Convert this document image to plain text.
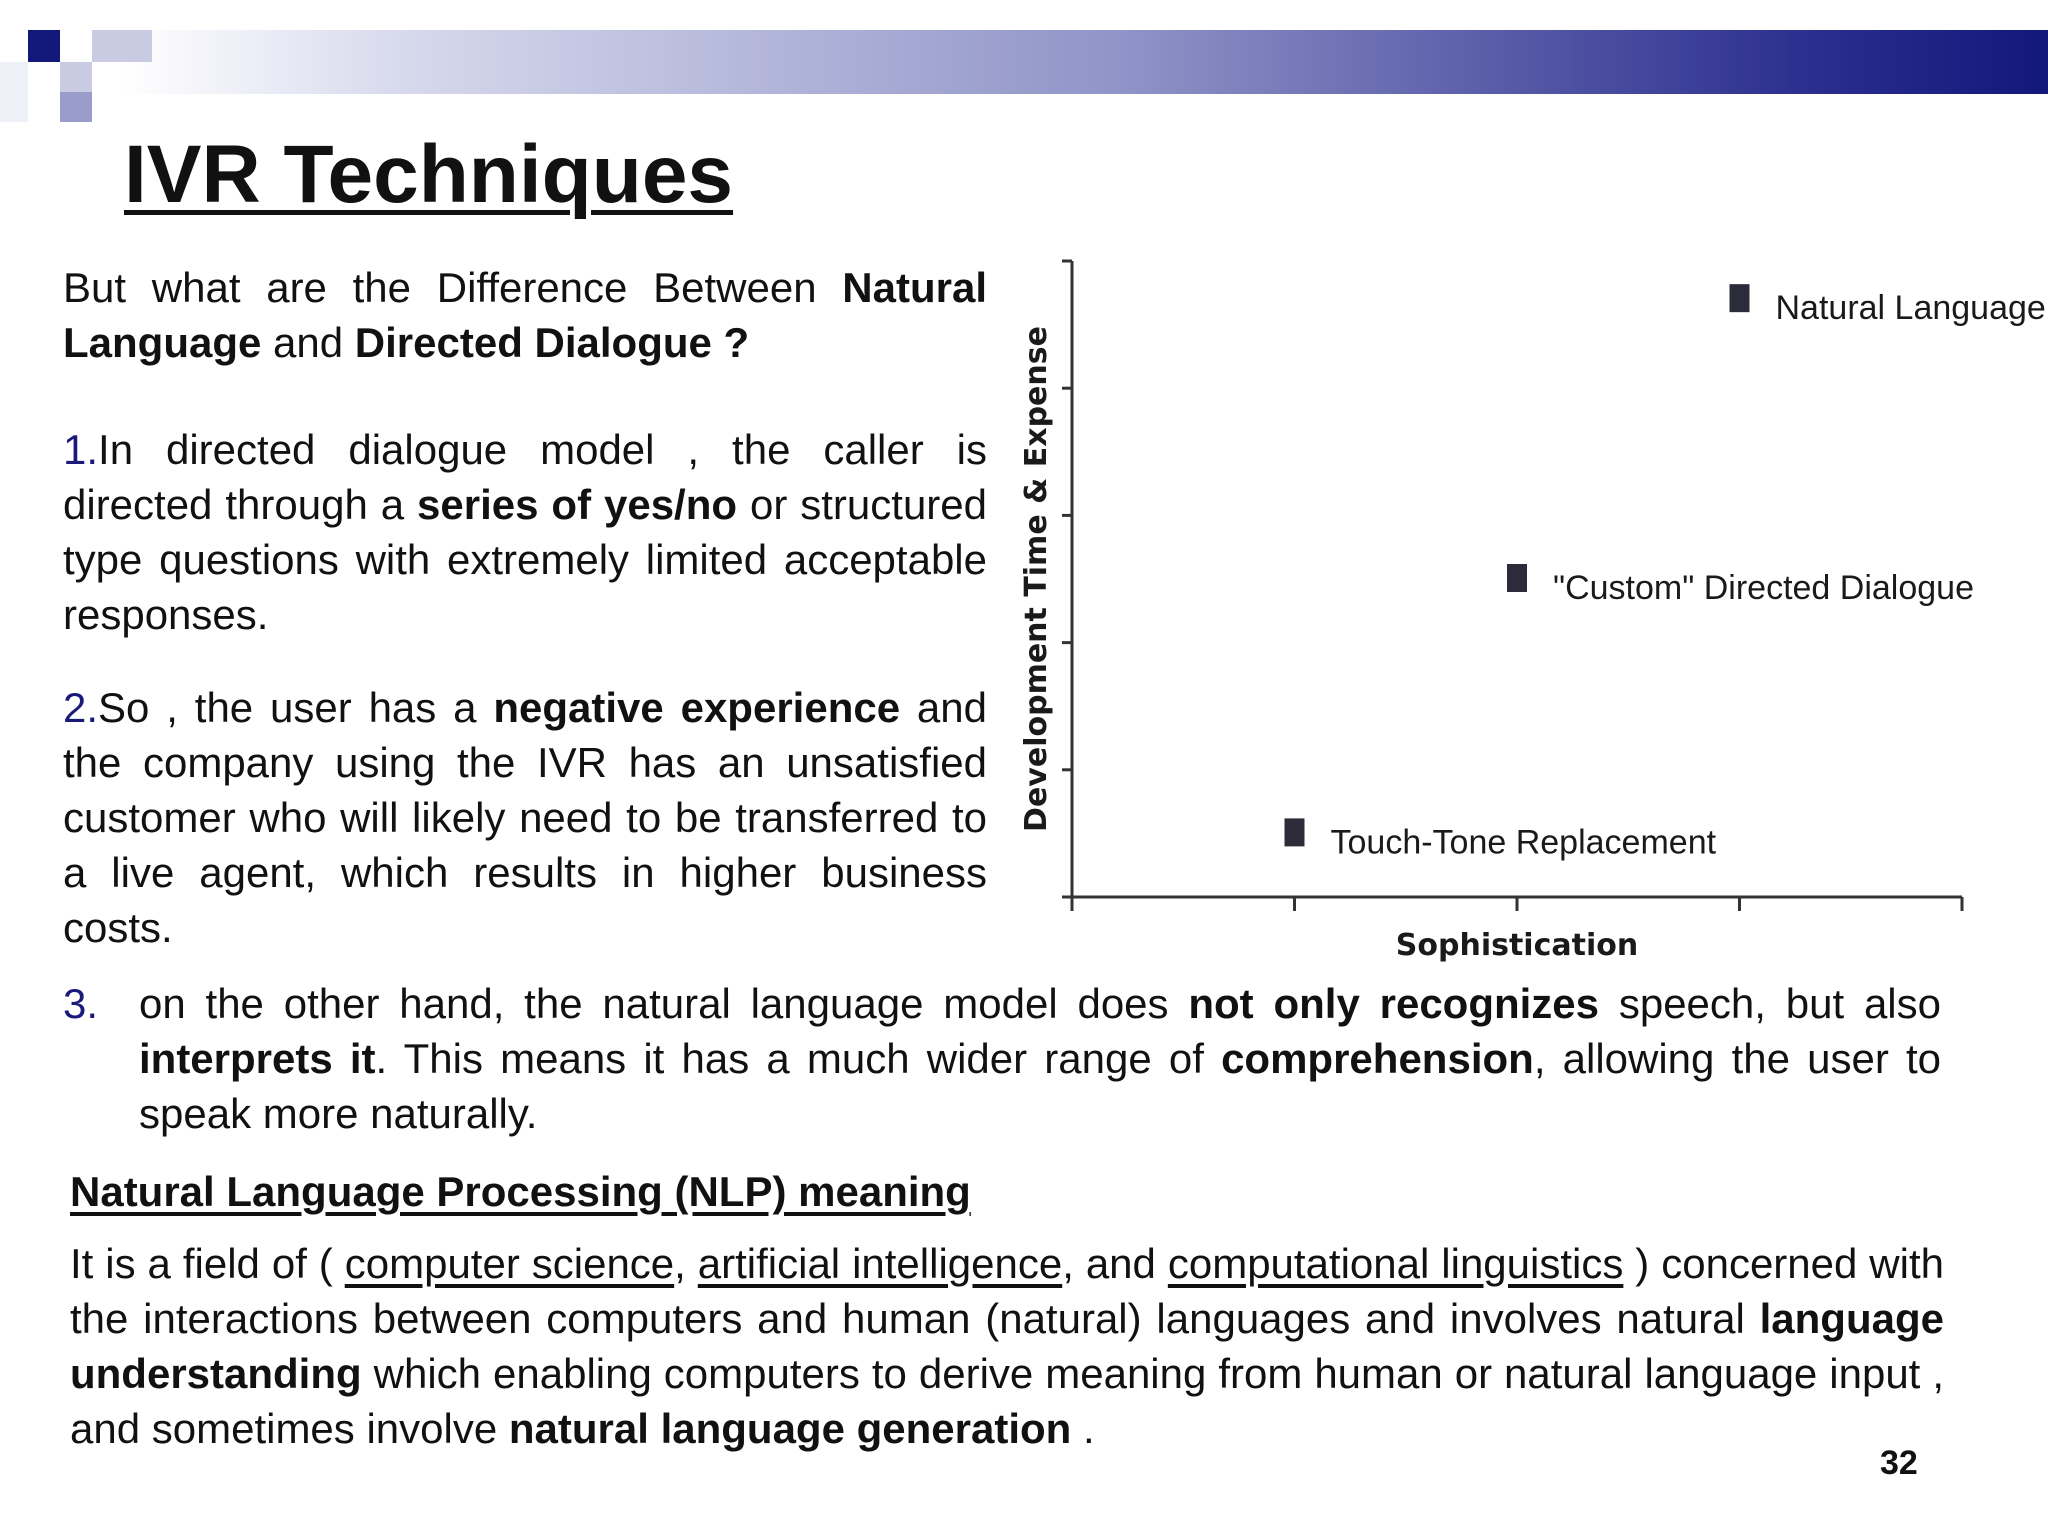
IVR Techniques

But what are the Difference Between Natural Language and Directed Dialogue ?

1.In directed dialogue model , the caller is directed through a series of yes/no or structured type questions with extremely limited acceptable responses.

2.So , the user has a negative experience and the company using the IVR has an unsatisfied customer who will likely need to be transferred to a live agent, which results in higher business costs.

3. on the other hand, the natural language model does not only recognizes speech, but also interprets it. This means it has a much wider range of comprehension, allowing the user to speak more naturally.

Natural Language Processing (NLP) meaning

It is a field of ( computer science, artificial intelligence, and computational linguistics ) concerned with the interactions between computers and human (natural) languages and involves natural language understanding which enabling computers to derive meaning from human or natural language input , and sometimes involve natural language generation .

32
Touch-Tone Replacement
"Custom" Directed Dialogue
Natural Language
Sophistication
Development Time & Expense
